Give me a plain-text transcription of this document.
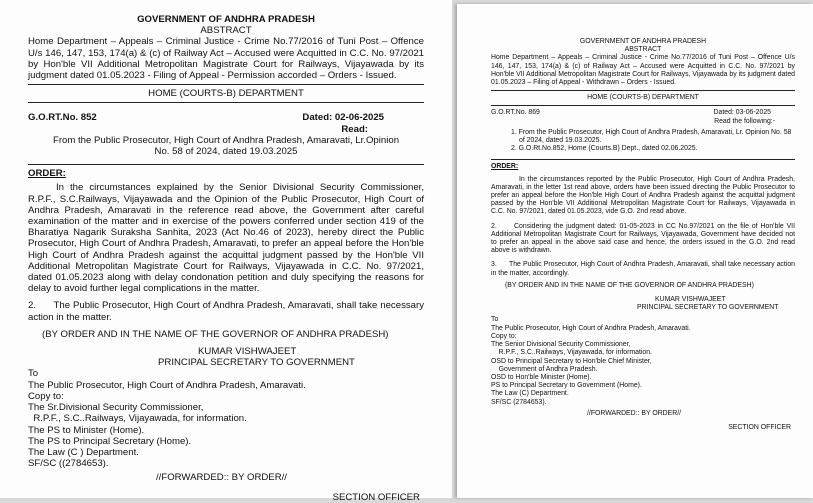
GOVERNMENT OF ANDHRA PRADESH

ABSTRACT

Home Department – Appeals – Criminal Justice - Crime No.77/2016 of Tuni Post – Offence U/s 146, 147, 153, 174(a) & (c) of Railway Act – Accused were Acquitted in C.C. No. 97/2021 by Hon'ble VII Additional Metropolitan Magistrate Court for Railways, Vijayawada by its judgment dated 01.05.2023 - Filing of Appeal - Permission accorded – Orders - Issued.

HOME (COURTS-B) DEPARTMENT

G.O.RT.No. 852	Dated: 02-06-2025

Read:

From the Public Prosecutor, High Court of Andhra Pradesh, Amaravati, Lr.Opinion No. 58 of 2024, dated 19.03.2025

ORDER:

In the circumstances explained by the Senior Divisional Security Commissioner, R.P.F., S.C.Railways, Vijayawada and the Opinion of the Public Prosecutor, High Court of Andhra Pradesh, Amaravati in the reference read above, the Government after careful examination of the matter and in exercise of the powers conferred under section 419 of the Bharatiya Nagarik Suraksha Sanhita, 2023 (Act No.46 of 2023), hereby direct the Public Prosecutor, High Court of Andhra Pradesh, Amaravati, to prefer an appeal before the Hon'ble High Court of Andhra Pradesh against the acquittal judgment passed by the Hon'ble VII Additional Metropolitan Magistrate Court for Railways, Vijayawada in C.C. No. 97/2021, dated 01.05.2023 along with delay condonation petition and duly specifying the reasons for delay to avoid further legal complications in the matter.

2.      The Public Prosecutor, High Court of Andhra Pradesh, Amaravati, shall take necessary action in the matter.

(BY ORDER AND IN THE NAME OF THE GOVERNOR OF ANDHRA PRADESH)

KUMAR VISHWAJEET

PRINCIPAL SECRETARY TO GOVERNMENT

To

The Public Prosecutor, High Court of Andhra Pradesh, Amaravati.

Copy to:

The Sr.Divisional Security Commissioner,

R.P.F., S.C..Railways, Vijayawada, for information.

The PS to Minister (Home).

The PS to Principal Secretary (Home).

The Law (C ) Department.

SF/SC ((2784653).

//FORWARDED:: BY ORDER//

SECTION OFFICER

GOVERNMENT OF ANDHRA PRADESH

ABSTRACT

Home Department – Appeals – Criminal Justice - Crime No.77/2016 of Tuni Post – Offence U/s 146, 147, 153, 174(a) & (c) of Railway Act – Accused were Acquitted in C.C. No. 97/2021 by Hon'ble VII Additional Metropolitan Magistrate Court for Railways, Vijayawada by its judgment dated 01.05.2023 – Filing of Appeal - Withdrawn – Orders - Issued.

HOME (COURTS-B) DEPARTMENT

G.O.RT.No. 869	Dated: 03-06-2025

Read the following:-

1. From the Public Prosecutor, High Court of Andhra Pradesh, Amaravati, Lr. Opinion No. 58 of 2024, dated 19.03.2025.

2. G.O.Rt.No.852, Home (Courts.B) Dept., dated 02.06.2025.

ORDER:

In the circumstances reported by the Public Prosecutor, High Court of Andhra Pradesh, Amaravati, in the letter 1st read above, orders have been issued directing the Public Prosecutor to prefer an appeal before the Hon'ble High Court of Andhra Pradesh against the acquittal judgment passed by the Hon'ble VII Additional Metropolitan Magistrate Court for Railways, Vijayawada in C.C. No. 97/2021, dated 01.05.2023, vide G.O. 2nd read above.

2.      Considering the judgment dated: 01-05-2023 in CC No.97/2021 on the file of Hon'ble VII Additional Metropolitan Magistrate Court for Railways, Vijayawada, Government have decided not to prefer an appeal in the above said case and hence, the orders issued in the G.O. 2nd read above is withdrawn.

3.      The Public Prosecutor, High Court of Andhra Pradesh, Amaravati, shall take necessary action in the matter, accordingly.

(BY ORDER AND IN THE NAME OF THE GOVERNOR OF ANDHRA PRADESH)

KUMAR VISHWAJEET

PRINCIPAL SECRETARY TO GOVERNMENT

To

The Public Prosecutor, High Court of Andhra Pradesh, Amaravati.

Copy to:

The Senior Divisional Security Commissioner,

R.P.F., S.C..Railways, Vijayawada, for information.

OSD to Principal Secretary to Hon'ble Chief Minister,

Government of Andhra Pradesh.

OSD to Hon'ble Minister (Home).

PS to Principal Secretary to Government (Home).

The Law (C) Department.

SF/SC (2784653).

//FORWARDED:: BY ORDER//

SECTION OFFICER
